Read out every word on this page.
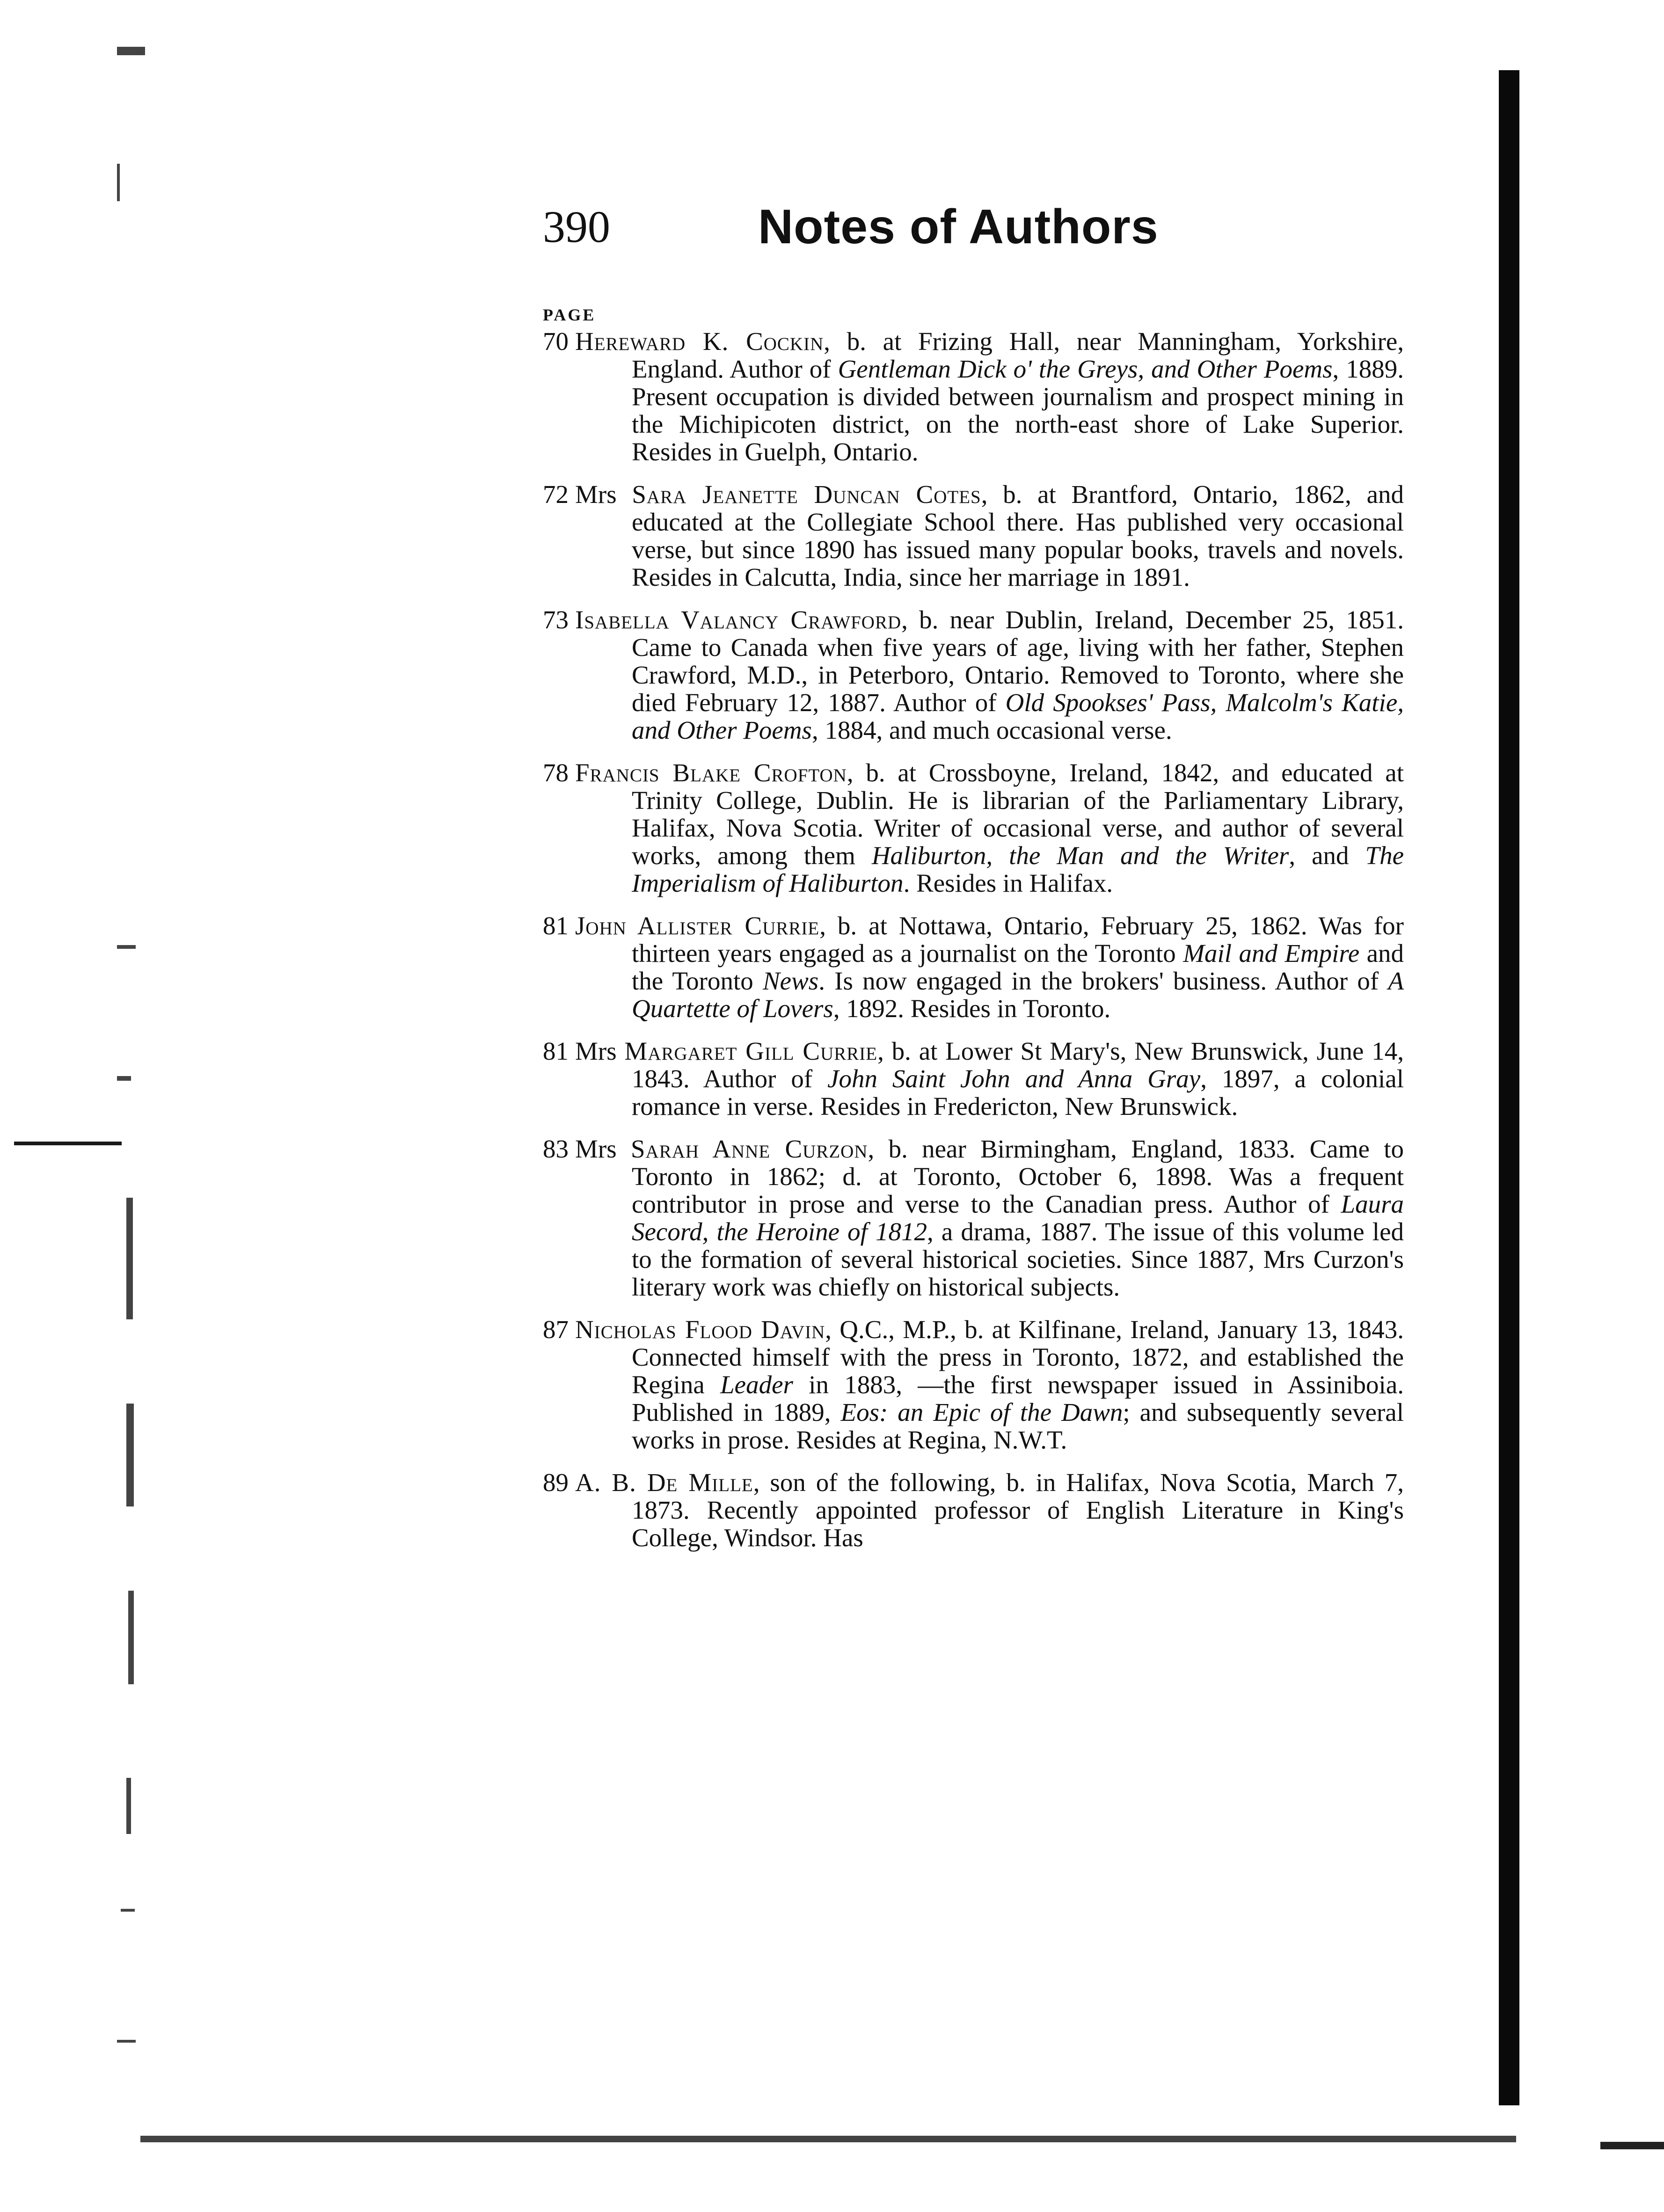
390	Notes of Authors
PAGE
70 Hereward K. Cockin, b. at Frizing Hall, near Manningham, Yorkshire, England. Author of Gentleman Dick o' the Greys, and Other Poems, 1889. Present occupation is divided between journalism and prospect mining in the Michipicoten district, on the north-east shore of Lake Superior. Resides in Guelph, Ontario.
72 Mrs Sara Jeanette Duncan Cotes, b. at Brantford, Ontario, 1862, and educated at the Collegiate School there. Has published very occasional verse, but since 1890 has issued many popular books, travels and novels. Resides in Calcutta, India, since her marriage in 1891.
73 Isabella Valancy Crawford, b. near Dublin, Ireland, December 25, 1851. Came to Canada when five years of age, living with her father, Stephen Crawford, M.D., in Peterboro, Ontario. Removed to Toronto, where she died February 12, 1887. Author of Old Spookses' Pass, Malcolm's Katie, and Other Poems, 1884, and much occasional verse.
78 Francis Blake Crofton, b. at Crossboyne, Ireland, 1842, and educated at Trinity College, Dublin. He is librarian of the Parliamentary Library, Halifax, Nova Scotia. Writer of occasional verse, and author of several works, among them Haliburton, the Man and the Writer, and The Imperialism of Haliburton. Resides in Halifax.
81 John Allister Currie, b. at Nottawa, Ontario, February 25, 1862. Was for thirteen years engaged as a journalist on the Toronto Mail and Empire and the Toronto News. Is now engaged in the brokers' business. Author of A Quartette of Lovers, 1892. Resides in Toronto.
81 Mrs Margaret Gill Currie, b. at Lower St Mary's, New Brunswick, June 14, 1843. Author of John Saint John and Anna Gray, 1897, a colonial romance in verse. Resides in Fredericton, New Brunswick.
83 Mrs Sarah Anne Curzon, b. near Birmingham, England, 1833. Came to Toronto in 1862; d. at Toronto, October 6, 1898. Was a frequent contributor in prose and verse to the Canadian press. Author of Laura Secord, the Heroine of 1812, a drama, 1887. The issue of this volume led to the formation of several historical societies. Since 1887, Mrs Curzon's literary work was chiefly on historical subjects.
87 Nicholas Flood Davin, Q.C., M.P., b. at Kilfinane, Ireland, January 13, 1843. Connected himself with the press in Toronto, 1872, and established the Regina Leader in 1883, —the first newspaper issued in Assiniboia. Published in 1889, Eos: an Epic of the Dawn; and subsequently several works in prose. Resides at Regina, N.W.T.
89 A. B. De Mille, son of the following, b. in Halifax, Nova Scotia, March 7, 1873. Recently appointed professor of English Literature in King's College, Windsor. Has
